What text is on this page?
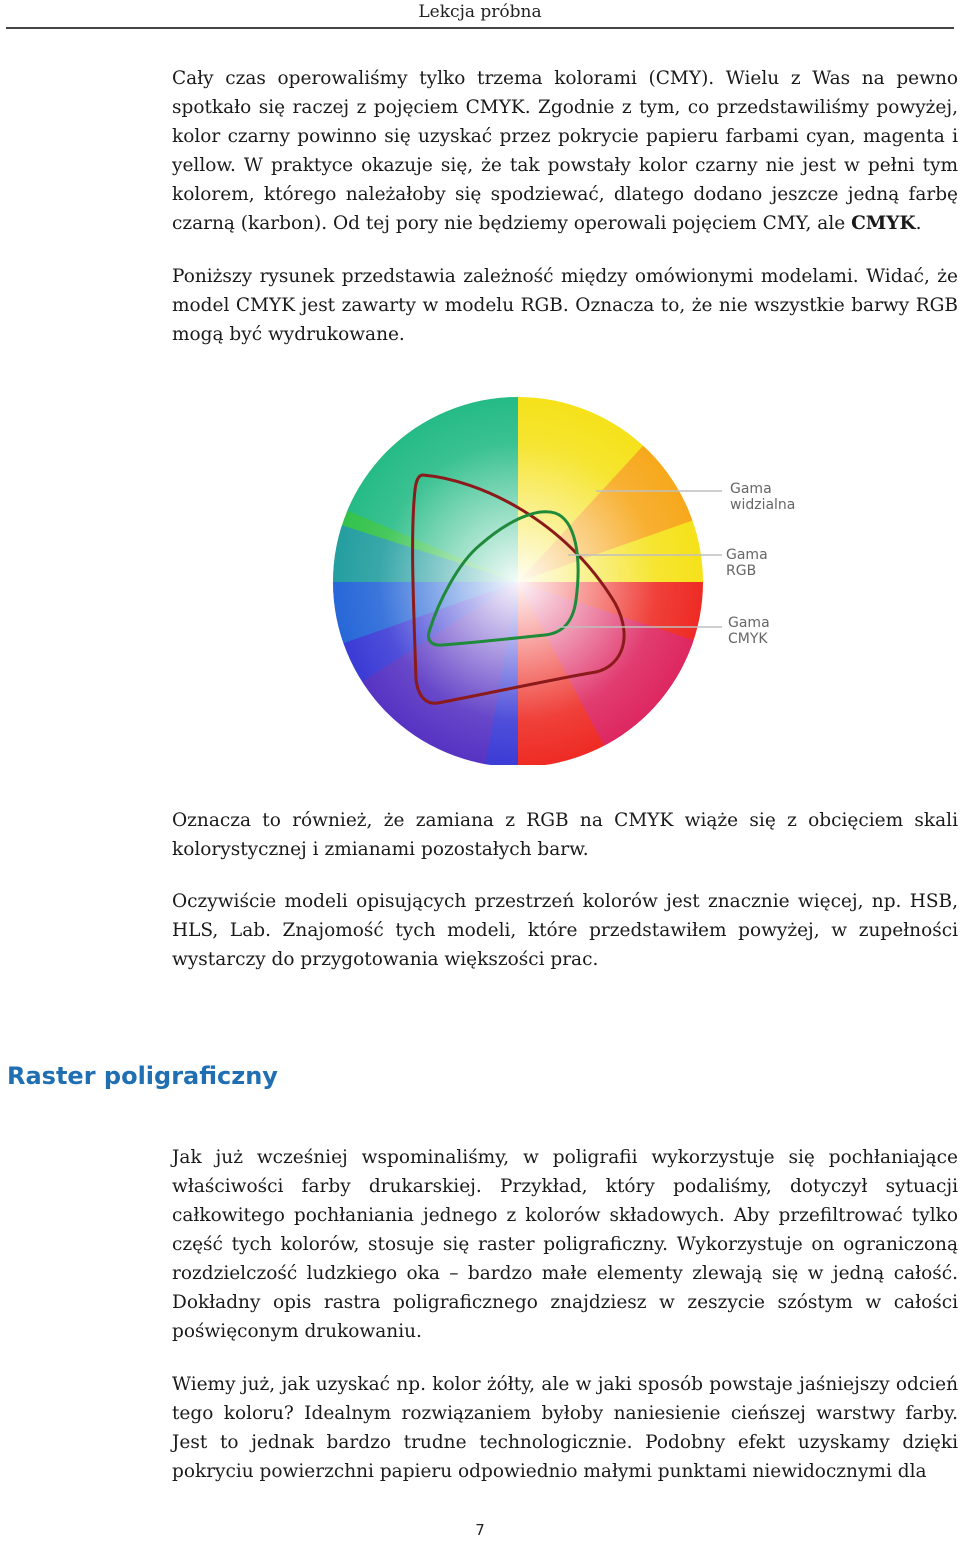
Lekcja próbna

Cały czas operowaliśmy tylko trzema kolorami (CMY). Wielu z Was na pewno spotkało się raczej z pojęciem CMYK. Zgodnie z tym, co przedstawiliśmy powyżej, kolor czarny powinno się uzyskać przez pokrycie papieru farbami cyan, magenta i yellow. W praktyce okazuje się, że tak powstały kolor czarny nie jest w pełni tym kolorem, którego należałoby się spodziewać, dlatego dodano jeszcze jedną farbę czarną (karbon). Od tej pory nie będziemy operowali pojęciem CMY, ale CMYK.

Poniższy rysunek przedstawia zależność między omówionymi modelami. Widać, że model CMYK jest zawarty w modelu RGB. Oznacza to, że nie wszystkie barwy RGB mogą być wydrukowane.

Gama
widzialna
Gama
RGB
Gama
CMYK

Oznacza to również, że zamiana z RGB na CMYK wiąże się z obcięciem skali kolorystycznej i zmianami pozostałych barw.

Oczywiście modeli opisujących przestrzeń kolorów jest znacznie więcej, np. HSB, HLS, Lab. Znajomość tych modeli, które przedstawiłem powyżej, w zupełności wystarczy do przygotowania większości prac.

Raster poligraficzny

Jak już wcześniej wspominaliśmy, w poligrafii wykorzystuje się pochłaniające właściwości farby drukarskiej. Przykład, który podaliśmy, dotyczył sytuacji całkowitego pochłaniania jednego z kolorów składowych. Aby przefiltrować tylko część tych kolorów, stosuje się raster poligraficzny. Wykorzystuje on ograniczoną rozdzielczość ludzkiego oka – bardzo małe elementy zlewają się w jedną całość. Dokładny opis rastra poligraficznego znajdziesz w zeszycie szóstym w całości poświęconym drukowaniu.

Wiemy już, jak uzyskać np. kolor żółty, ale w jaki sposób powstaje jaśniejszy odcień tego koloru? Idealnym rozwiązaniem byłoby naniesienie cieńszej warstwy farby. Jest to jednak bardzo trudne technologicznie. Podobny efekt uzyskamy dzięki pokryciu powierzchni papieru odpowiednio małymi punktami niewidocznymi dla

7
